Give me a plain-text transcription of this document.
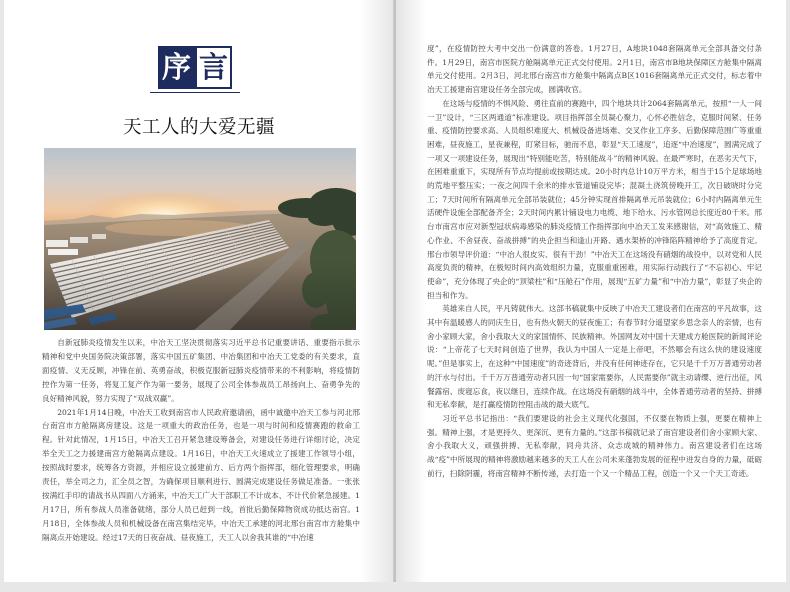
序 言
天工人的大爱无疆

自新冠肺炎疫情发生以来，中冶天工坚决贯彻落实习近平总书记重要讲话、重要指示批示精神和党中央国务院决策部署，落实中国五矿集团、中冶集团和中冶天工党委的有关要求，直面疫情、义无反顾，冲锋在前、英勇奋战，积极克服新冠肺炎疫情带来的不利影响，将疫情防控作为第一任务，将复工复产作为第一要务，展现了公司全体参战员工昂扬向上、奋勇争先的良好精神风貌，努力实现了“双战双赢”。

2021年1月14日晚，中冶天工收到南宫市人民政府邀请函，函中诚邀中冶天工参与河北邢台南宫市方舱隔离房建设。这是一项重大的政治任务，也是一项与时间和疫情赛跑的救命工程。针对此情况，1月15日，中冶天工召开紧急建设筹备会，对建设任务进行详细讨论，决定举全天工之力援建南宫方舱隔离点建设。1月16日，中冶天工火速成立了援建工作领导小组，按照战时要求，统筹各方资源，并相应设立援建前方、后方两个指挥部，细化管理要求，明确责任，举全司之力，汇全员之智，为确保项目顺利进行、圆满完成建设任务做足准备。一张张按满红手印的请战书从四面八方涌来，中冶天工广大干部职工不计成本、不计代价紧急援建。1月17日，所有参战人员准备就绪，部分人员已赶到一线，首批后勤保障物资成功抵达南宫。1月18日，全体参战人员和机械设备在南宫集结完毕，中冶天工承建的河北邢台南宫市方舱集中隔离点开始建设。经过17天的日夜奋战、昼夜施工，天工人以舍我其谁的“中冶速

度”，在疫情防控大考中交出一份满意的答卷。1月27日，A地块1048套隔离单元全部具备交付条件。1月29日，南宫市医院方舱隔离单元正式交付使用。2月1日，南宫市B地块保障区方舱集中隔离单元交付使用。2月3日，河北邢台南宫市方舱集中隔离点B区1016套隔离单元正式交付，标志着中冶天工援建南宫建设任务全部完成，圆满收官。

在这场与疫情的不惧风险、勇往直前的赛跑中，四个地块共计2064套隔离单元，按照“一人一间一卫”设计，“三区两通道”标准建设。项目指挥部全员凝心聚力，心怀必胜信念，克服时间紧、任务重、疫情防控要求高、人员组织难度大、机械设备进场难、交叉作业工序多、后勤保障范围广等重重困难，昼夜施工，星夜兼程，盯紧目标，驰而不息，彰显“天工速度”，追逐“中冶速度”，圆满完成了一项又一项建设任务，展现出“特别能吃苦，特别能战斗”的精神风貌。在最严寒时，在恶劣天气下，在困难重重下，实现所有节点均提前或按期达成。20小时内总计10万平方米，相当于15个足球场地的荒地平整压实；一夜之间四千余米的排水管道铺设完毕；混凝土浇筑傍晚开工，次日破晓时分完工；7天时间所有隔离单元全部吊装就位；45分钟实现首排隔离单元吊装就位；6小时内隔离单元生活硬件设施全部配备齐全；2天时间内累计铺设电力电缆、地下给水、污水管网总长度近80千米。邢台市南宫市应对新型冠状病毒感染的肺炎疫情工作指挥部向中冶天工发来感谢信，对“高效施工、精心作业、不舍昼夜、奋战拼搏”的央企担当和逢山开路、遇水架桥的冲锋陷阵精神给予了高度肯定。邢台市领导评价道：“中冶人很皮实、很有干劲！”中冶天工在这场没有硝烟的战役中，以对党和人民高度负责的精神，在极短时间内高效组织力量，克服重重困难，用实际行动践行了“不忘初心、牢记使命”，充分体现了央企的“顶梁柱”和“压舱石”作用，展现“五矿力量”和“中冶力量”，彰显了央企的担当和作为。

英雄来自人民，平凡铸就伟大。这部书稿就集中反映了中冶天工建设者们在南宫的平凡故事，这其中有温暖感人的同庆生日，也有热火朝天的昼夜施工；有春节时分遥望家乡思念亲人的亲情，也有舍小家顾大家，舍小我取大义的家国情怀、民族精神。外国网友对中国十天建成方舱医院的新闻评论说：“上帝花了七天时间创造了世界，我认为中国人一定是上帝吧，不然哪会有这么快的建设速度呢。”但是事实上，在这种“中国速度”的奇迹背后，并没有任何神迹存在，它只是千千万万普通劳动者的汗水与付出。千千万万普通劳动者只因一句“国家需要你，人民需要你”就主动请缨、逆行出征，风餐露宿、废寝忘食，夜以继日，连续作战。在这场没有硝烟的战斗中，全体普通劳动者的坚持、拼搏和无私奉献，是打赢疫情防控阻击战的最大底气。

习近平总书记指出：“我们要建设的社会主义现代化强国，不仅要在物质上强，更要在精神上强。精神上强，才是更持久、更深沉、更有力量的。”这部书稿就记录了南宫建设者们舍小家顾大家、舍小我取大义，顽强拼搏、无私奉献，同舟共济、众志成城的精神伟力。南宫建设者们在这场战“疫”中所展现的精神将激励越来越多的天工人在公司未来蓬勃发展的征程中迸发自身的力量，砥砺前行，扫除阴霾，将南宫精神不断传递，去打造一个又一个精品工程，创造一个又一个天工奇迹。
